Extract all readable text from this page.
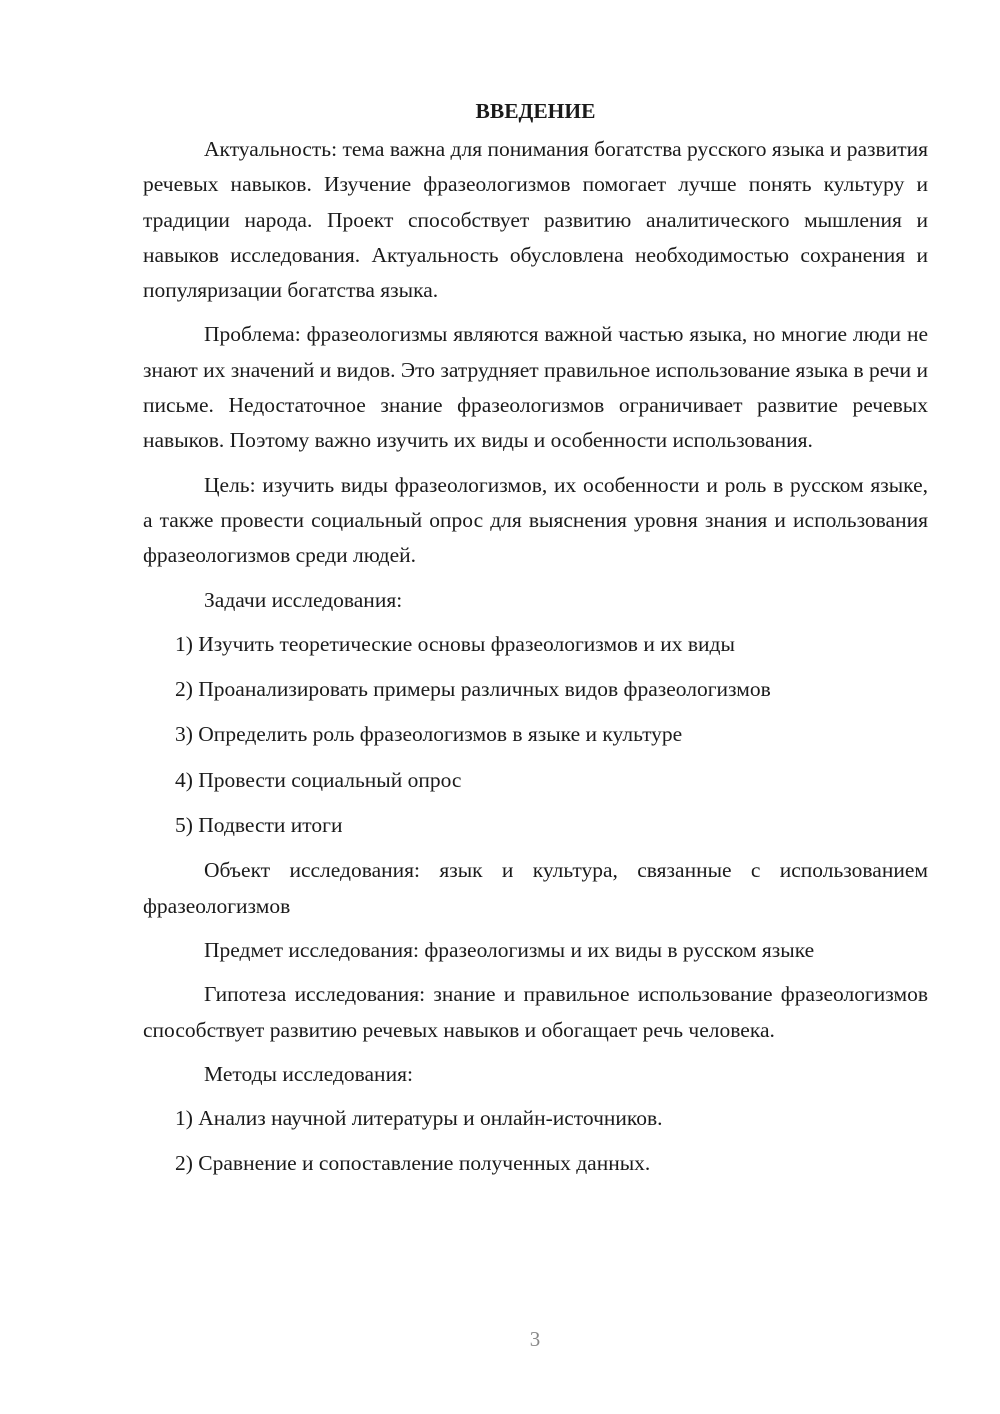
ВВЕДЕНИЕ

Актуальность: тема важна для понимания богатства русского языка и развития речевых навыков. Изучение фразеологизмов помогает лучше понять культуру и традиции народа. Проект способствует развитию аналитического мышления и навыков исследования. Актуальность обусловлена необходимостью сохранения и популяризации богатства языка.

Проблема: фразеологизмы являются важной частью языка, но многие люди не знают их значений и видов. Это затрудняет правильное использование языка в речи и письме. Недостаточное знание фразеологизмов ограничивает развитие речевых навыков. Поэтому важно изучить их виды и особенности использования.

Цель: изучить виды фразеологизмов, их особенности и роль в русском языке, а также провести социальный опрос для выяснения уровня знания и использования фразеологизмов среди людей.

Задачи исследования:

1) Изучить теоретические основы фразеологизмов и их виды
2) Проанализировать примеры различных видов фразеологизмов
3) Определить роль фразеологизмов в языке и культуре
4) Провести социальный опрос
5) Подвести итоги

Объект исследования: язык и культура, связанные с использованием фразеологизмов

Предмет исследования: фразеологизмы и их виды в русском языке

Гипотеза исследования: знание и правильное использование фразеологизмов способствует развитию речевых навыков и обогащает речь человека.

Методы исследования:

1) Анализ научной литературы и онлайн-источников.
2) Сравнение и сопоставление полученных данных.
3
